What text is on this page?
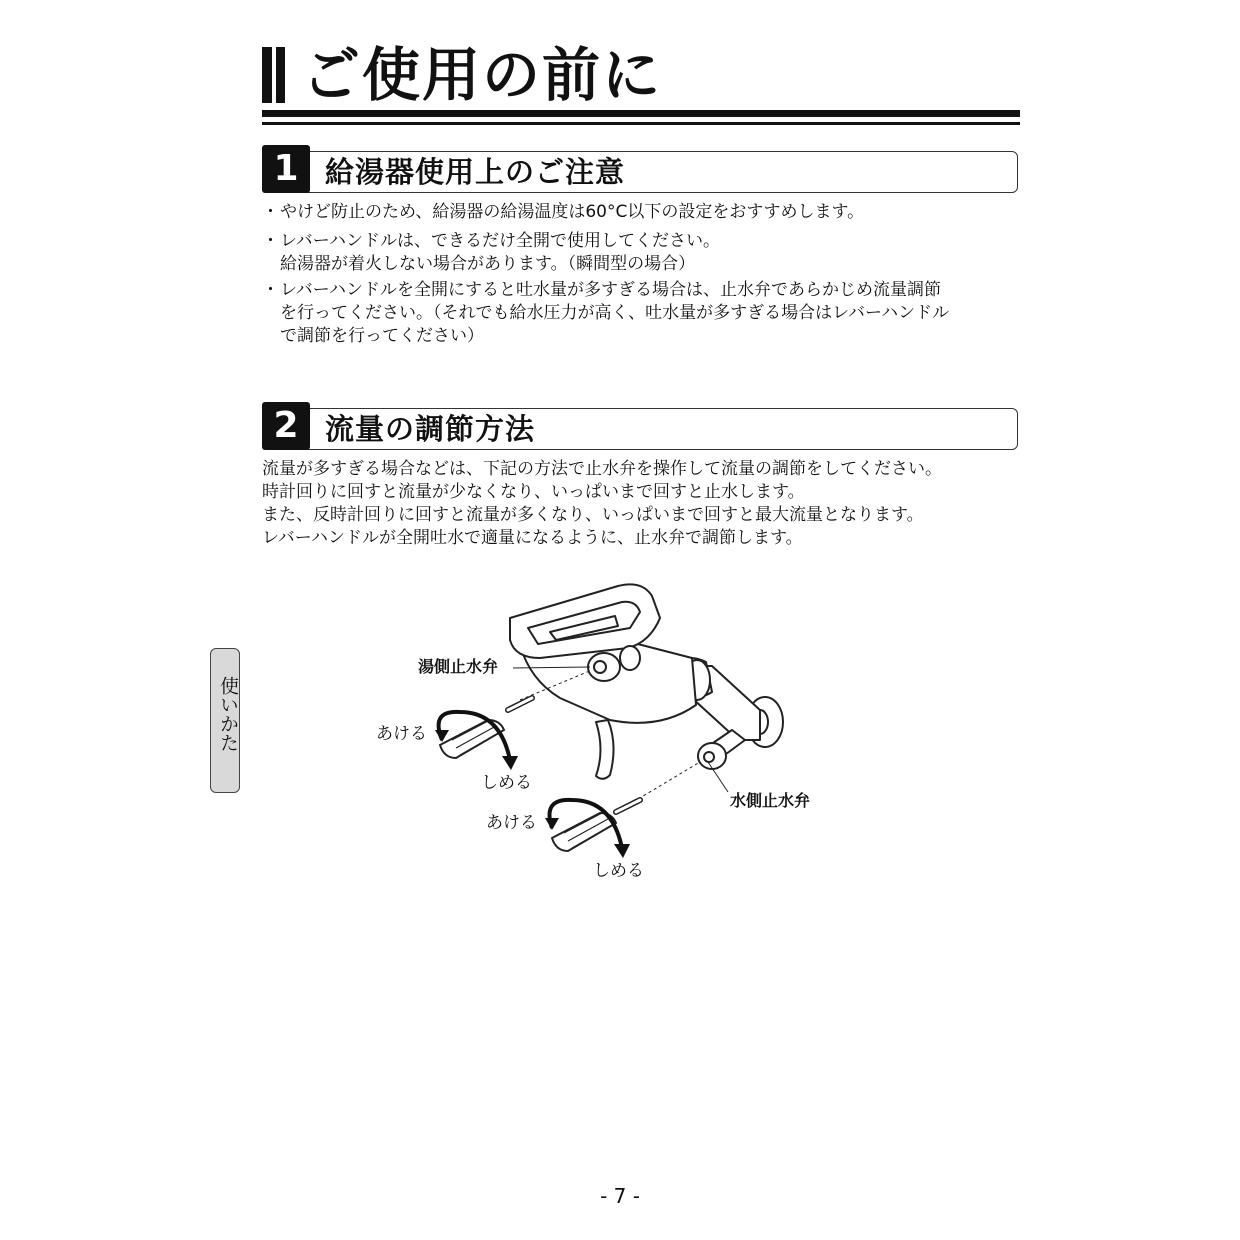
ご使用の前に
1 給湯器使用上のご注意
・やけど防止のため、給湯器の給湯温度は60°C以下の設定をおすすめします。
・レバーハンドルは、できるだけ全開で使用してください。
給湯器が着火しない場合があります。（瞬間型の場合）
・レバーハンドルを全開にすると吐水量が多すぎる場合は、止水弁であらかじめ流量調節
を行ってください。（それでも給水圧力が高く、吐水量が多すぎる場合はレバーハンドル
で調節を行ってください）
2 流量の調節方法
流量が多すぎる場合などは、下記の方法で止水弁を操作して流量の調節をしてください。
時計回りに回すと流量が少なくなり、いっぱいまで回すと止水します。
また、反時計回りに回すと流量が多くなり、いっぱいまで回すと最大流量となります。
レバーハンドルが全開吐水で適量になるように、止水弁で調節します。
使いかた
湯側止水弁
水側止水弁
あける
しめる
あける
しめる
- 7 -
